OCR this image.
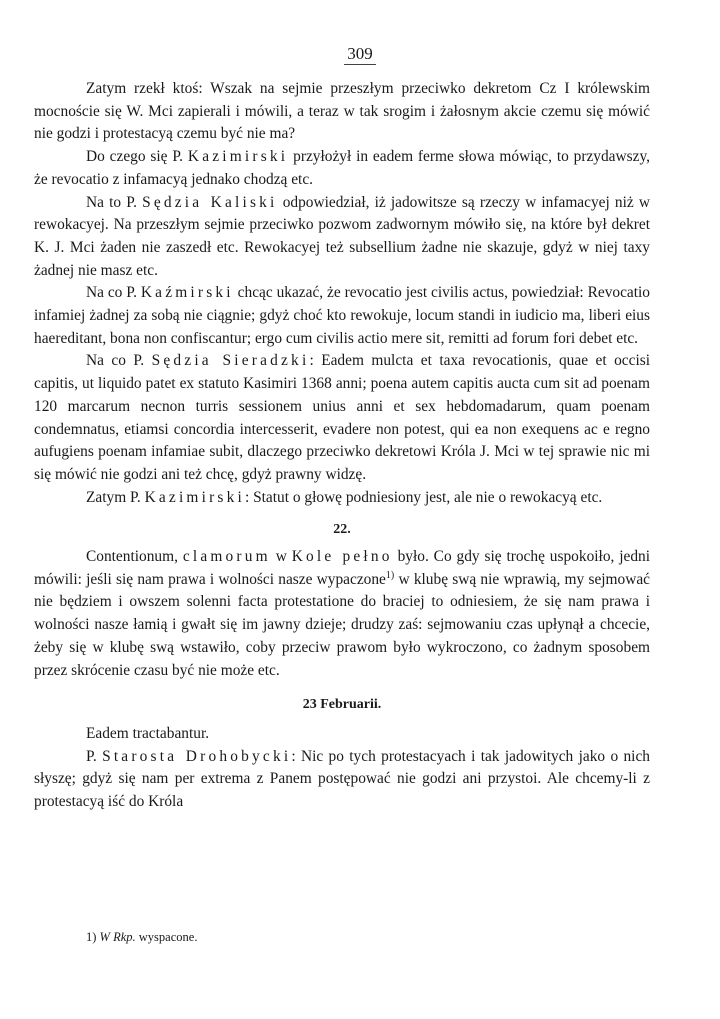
309

Zatym rzekł ktoś: Wszak na sejmie przeszłym przeciwko dekretom Cz I królewskim mocnoście się W. Mci zapierali i mówili, a teraz w tak srogim i żałosnym akcie czemu się mówić nie godzi i protestacyą czemu być nie ma?

Do czego się P. Kazimirski przyłożył in eadem ferme słowa mówiąc, to przydawszy, że revocatio z infamacyą jednako chodzą etc.

Na to P. Sędzia Kaliski odpowiedział, iż jadowitsze są rzeczy w infamacyej niż w rewokacyej. Na przeszłym sejmie przeciwko pozwom zadwornym mówiło się, na które był dekret K. J. Mci żaden nie zaszedł etc. Rewokacyej też subsellium żadne nie skazuje, gdyż w niej taxy żadnej nie masz etc.

Na co P. Kaźmirski chcąc ukazać, że revocatio jest civilis actus, powiedział: Revocatio infamiej żadnej za sobą nie ciągnie; gdyż choć kto rewokuje, locum standi in iudicio ma, liberi eius haereditant, bona non confiscantur; ergo cum civilis actio mere sit, remitti ad forum fori debet etc.

Na co P. Sędzia Sieradzki: Eadem mulcta et taxa revocationis, quae et occisi capitis, ut liquido patet ex statuto Kasimiri 1368 anni; poena autem capitis aucta cum sit ad poenam 120 marcarum necnon turris sessionem unius anni et sex hebdomadarum, quam poenam condemnatus, etiamsi concordia intercesserit, evadere non potest, qui ea non exequens ac e regno aufugiens poenam infamiae subit, dlaczego przeciwko dekretowi Króla J. Mci w tej sprawie nic mi się mówić nie godzi ani też chcę, gdyż prawny widzę.

Zatym P. Kazimirski: Statut o głowę podniesiony jest, ale nie o rewokacyą etc.

22.

Contentionum, clamorum w Kole pełno było. Co gdy się trochę uspokoiło, jedni mówili: jeśli się nam prawa i wolności nasze wypaczone$^{1)}$ w klubę swą nie wprawią, my sejmować nie będziem i owszem solenni facta protestatione do braciej to odniesiem, że się nam prawa i wolności nasze łamią i gwałt się im jawny dzieje; drudzy zaś: sejmowaniu czas upłynął a chcecie, żeby się w klubę swą wstawiło, coby przeciw prawom było wykroczono, co żadnym sposobem przez skrócenie czasu być nie może etc.

23 Februarii.

Eadem tractabantur.

P. Starosta Drohobycki: Nic po tych protestacyach i tak jadowitych jako o nich słyszę; gdyż się nam per extrema z Panem postępować nie godzi ani przystoi. Ale chcemy-li z protestacyą iść do Króla

1) W Rkp. wyspacone.
